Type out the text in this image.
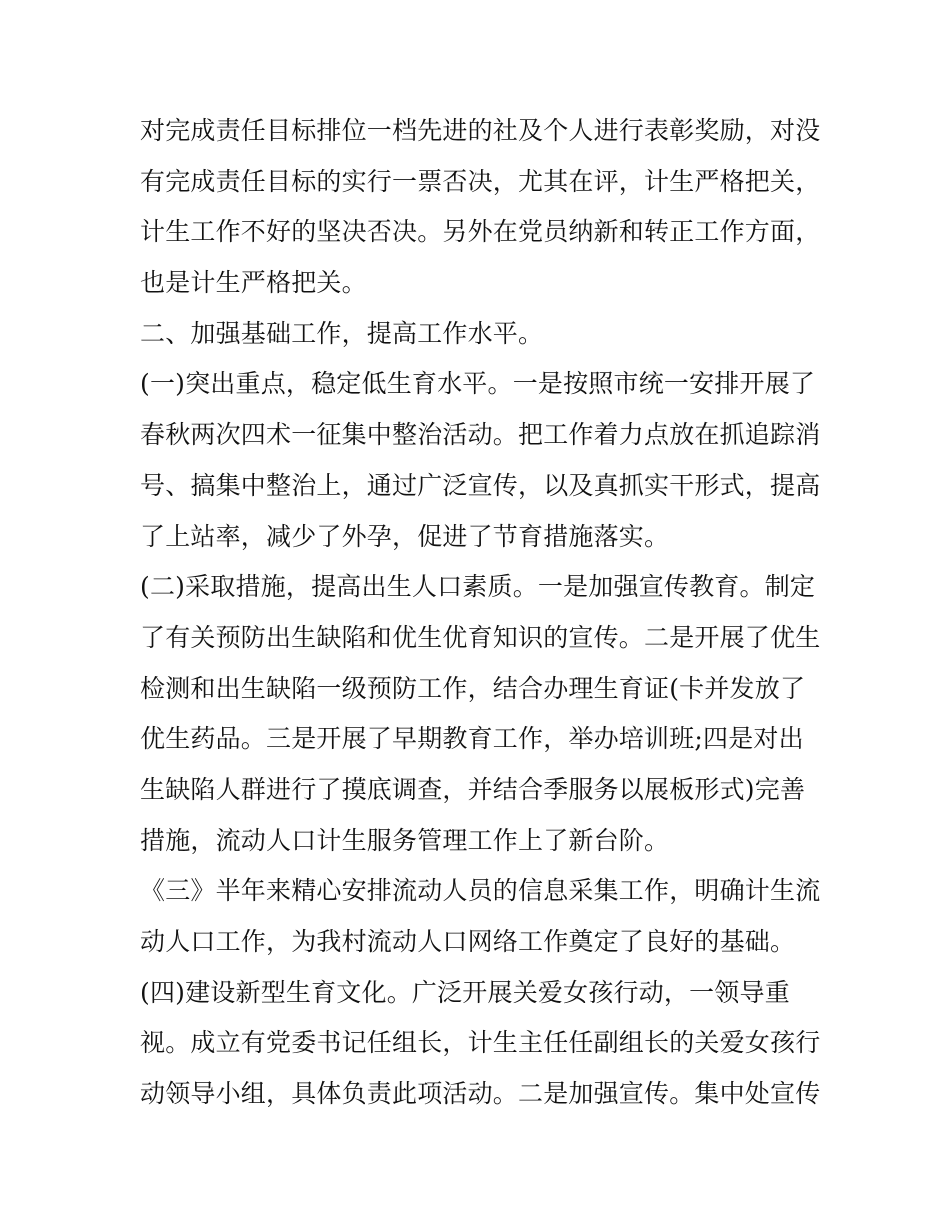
对完成责任目标排位一档先进的社及个人进行表彰奖励，对没
有完成责任目标的实行一票否决，尤其在评，计生严格把关，
计生工作不好的坚决否决。另外在党员纳新和转正工作方面，
也是计生严格把关。
二、加强基础工作，提高工作水平。
(一)突出重点，稳定低生育水平。一是按照市统一安排开展了
春秋两次四术一征集中整治活动。把工作着力点放在抓追踪消
号、搞集中整治上，通过广泛宣传，以及真抓实干形式，提高
了上站率，减少了外孕，促进了节育措施落实。
(二)采取措施，提高出生人口素质。一是加强宣传教育。制定
了有关预防出生缺陷和优生优育知识的宣传。二是开展了优生
检测和出生缺陷一级预防工作，结合办理生育证(卡并发放了
优生药品。三是开展了早期教育工作，举办培训班;四是对出
生缺陷人群进行了摸底调查，并结合季服务以展板形式)完善
措施，流动人口计生服务管理工作上了新台阶。
《三》半年来精心安排流动人员的信息采集工作，明确计生流
动人口工作，为我村流动人口网络工作奠定了良好的基础。
(四)建设新型生育文化。广泛开展关爱女孩行动，一领导重
视。成立有党委书记任组长，计生主任任副组长的关爱女孩行
动领导小组，具体负责此项活动。二是加强宣传。集中处宣传
